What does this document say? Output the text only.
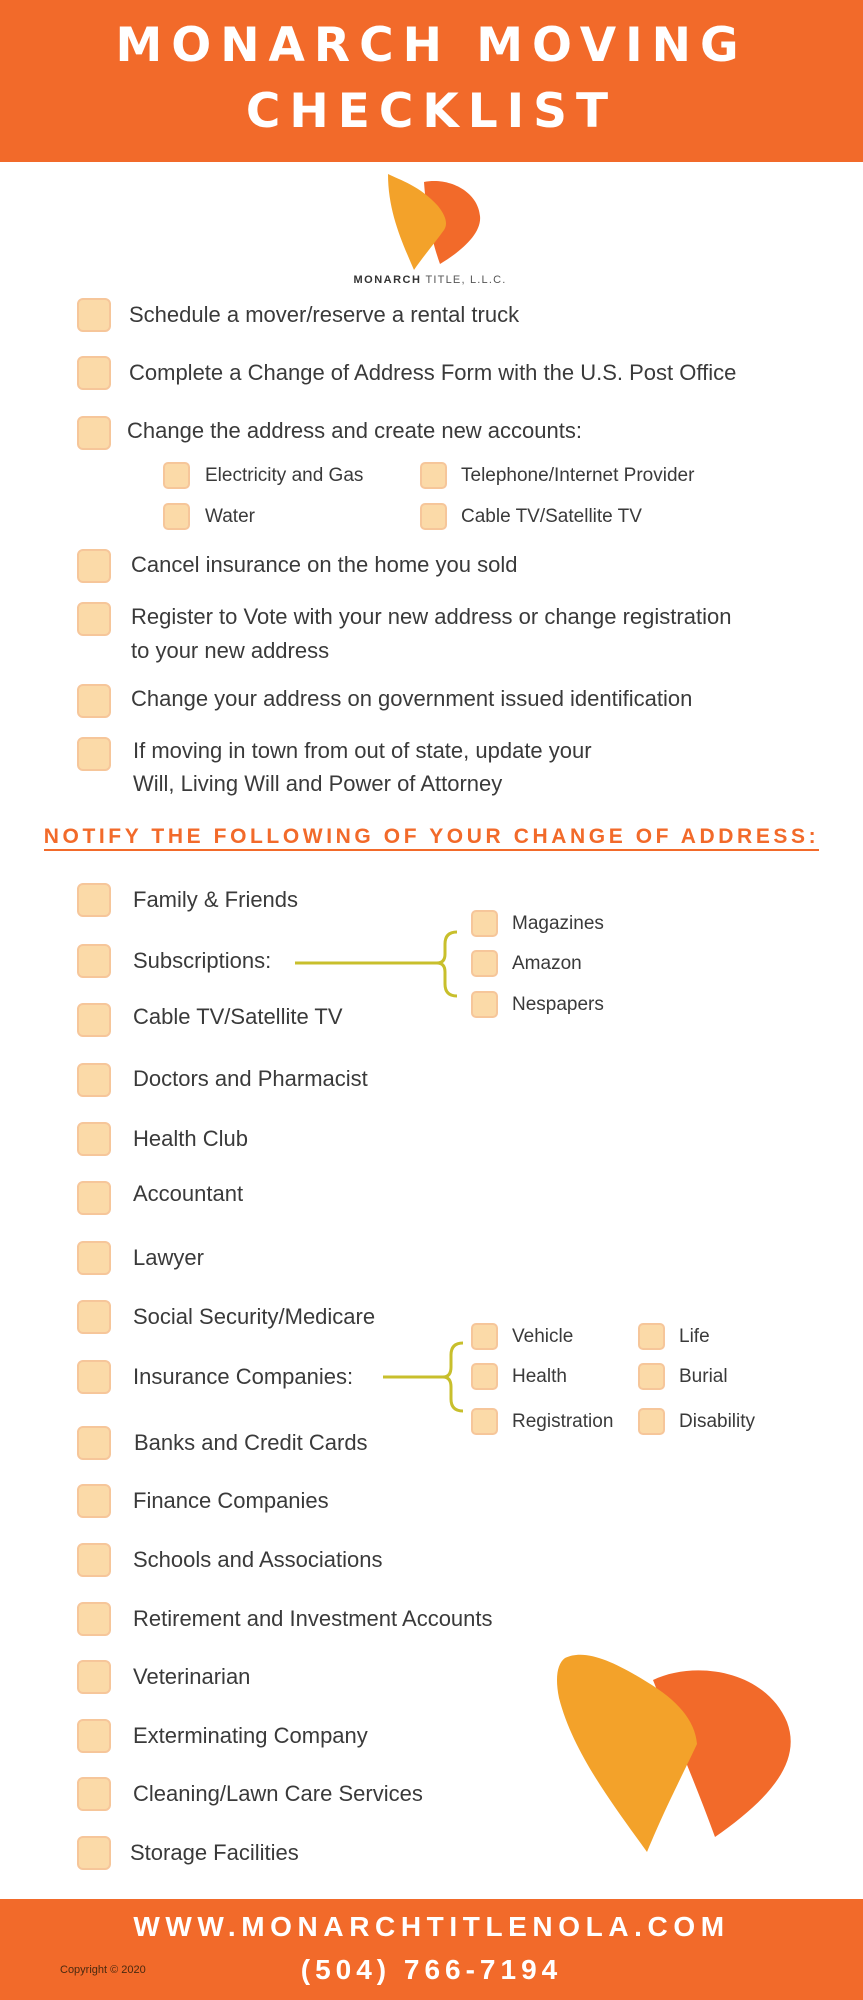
MONARCH MOVING
CHECKLIST
MONARCH TITLE, L.L.C.
Schedule a mover/reserve a rental truck
Complete a Change of Address Form with the U.S. Post Office
Change the address and create new accounts:
Electricity and Gas	Telephone/Internet Provider
Water	Cable TV/Satellite TV
Cancel insurance on the home you sold
Register to Vote with your new address or change registration
to your new address
Change your address on government issued identification
If moving in town from out of state, update your
Will, Living Will and Power of Attorney
NOTIFY THE FOLLOWING OF YOUR CHANGE OF ADDRESS:
Family & Friends
Subscriptions:
Magazines
Amazon
Nespapers
Cable TV/Satellite TV
Doctors and Pharmacist
Health Club
Accountant
Lawyer
Social Security/Medicare
Insurance Companies:
Vehicle	Life
Health	Burial
Registration	Disability
Banks and Credit Cards
Finance Companies
Schools and Associations
Retirement and Investment Accounts
Veterinarian
Exterminating Company
Cleaning/Lawn Care Services
Storage Facilities
WWW.MONARCHTITLENOLA.COM
(504) 766-7194
Copyright © 2020
